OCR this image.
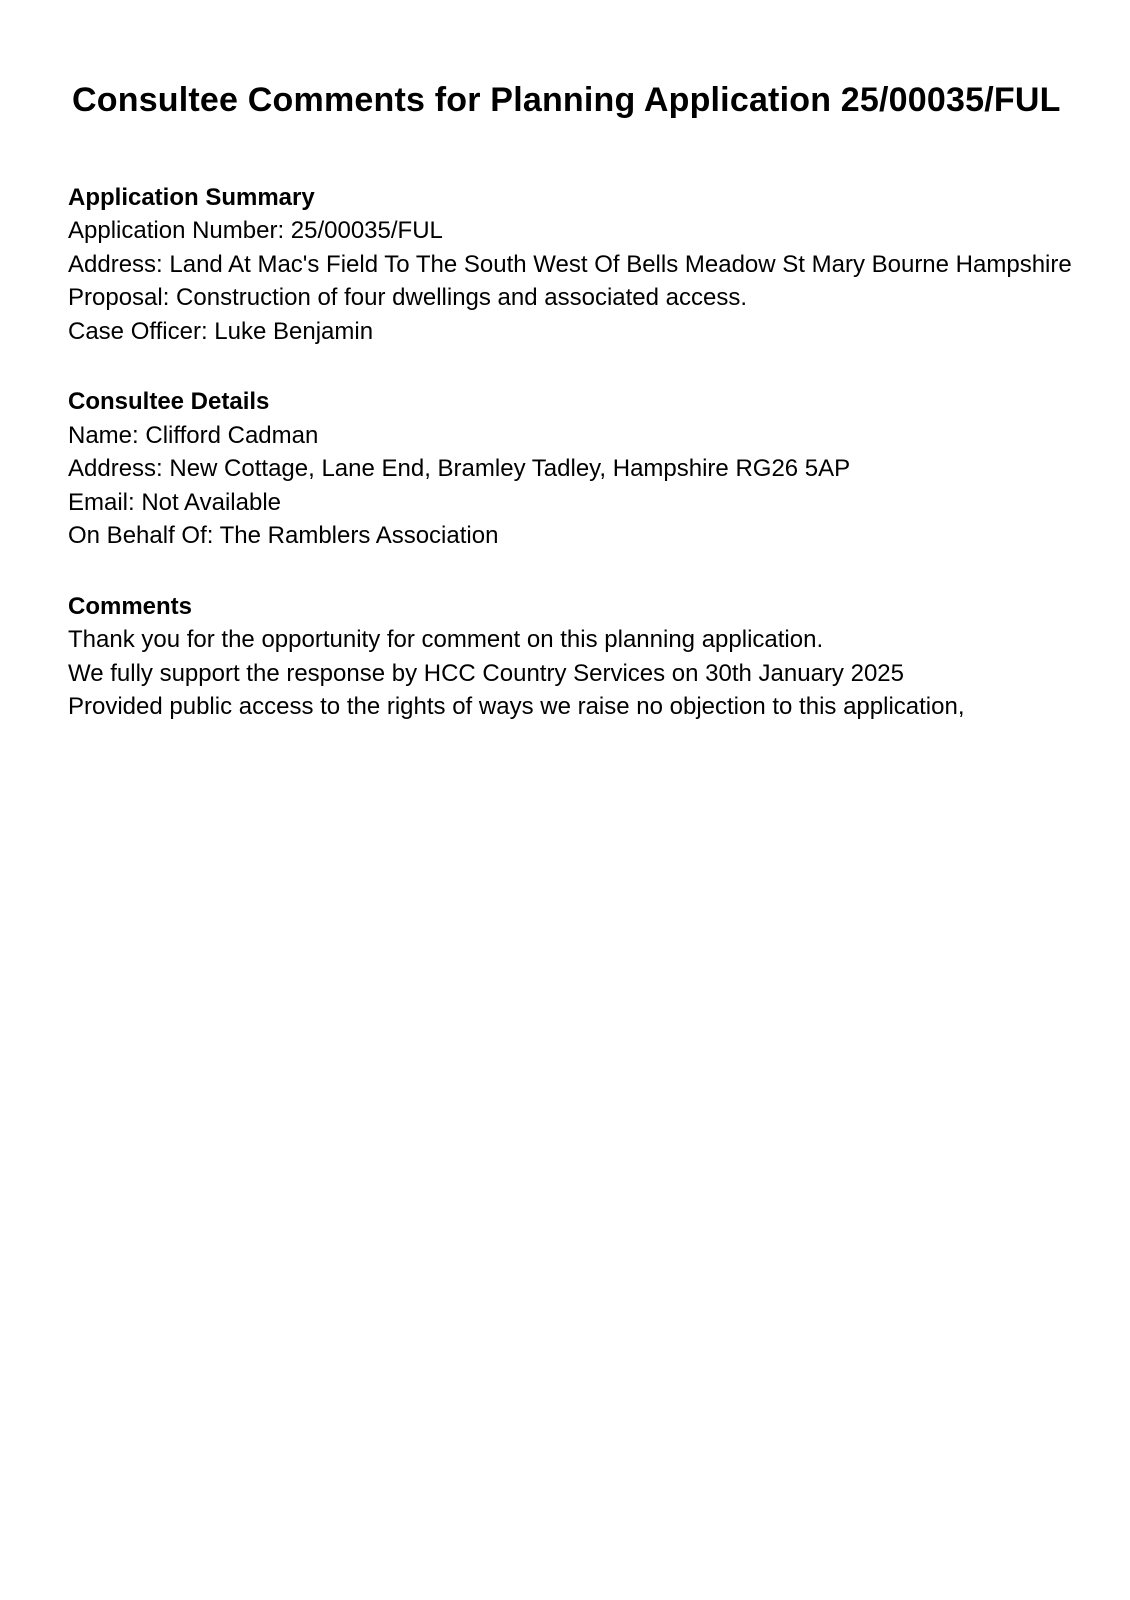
Consultee Comments for Planning Application 25/00035/FUL

Application Summary

Application Number: 25/00035/FUL

Address: Land At Mac's Field To The South West Of Bells Meadow St Mary Bourne Hampshire

Proposal: Construction of four dwellings and associated access.

Case Officer: Luke Benjamin

Consultee Details

Name: Clifford Cadman

Address: New Cottage, Lane End, Bramley Tadley, Hampshire RG26 5AP

Email: Not Available

On Behalf Of: The Ramblers Association

Comments

Thank you for the opportunity for comment on this planning application.

We fully support the response by HCC Country Services on 30th January 2025

Provided public access to the rights of ways we raise no objection to this application,
